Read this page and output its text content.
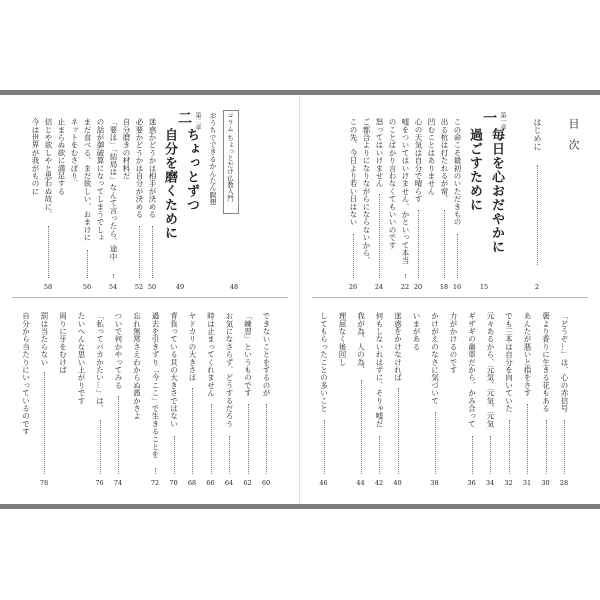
目次
はじめに
2
第一章
一
毎日を心おだやかに
過ごすために
15
この命こそ最初のいただきもの
16
出る杭は打たれるが常、
18
凹むことはありません
心の天気は自分で晴らす
20
嘘をついてはいけません、かといって本当
22
のことばかり言わなくてもいいのです
怒ってはいけません
24
ご都合よりになりながらにならないから、
この先、今日より若い日はない
26
「どうぞ…」は、心の赤信号
28
褒より香りに生きる花もある
30
あんたが悪いと指をさす
31
でも三本は自分を向いていた
32
元々あるから、元気、元気、元気
34
ギザギの歯車だから、かみ合って
36
力がかけるのです
かけがえのなさに気づいて
38
いまがある
迷惑をかけなければ
40
何もしないれはずに、そりゃ嘘だ
42
我が為、人の為、
44
理屈なく後回し
してもらったことの多いこと
46
コラム ちょっとだけ仏教入門
おうちでできるかんたん瞑想
48
第二章
二
ちょっとずつ
自分を磨くために
49
迷惑かどうかは相手が決める
50
必要かどうかは自分が決める
52
自分磨きの材料だ
「要は」「結局は」なんて言ったら、途中
54
の話が御破算になってしまうでしょ
まだ食べる、まだ欲しい、おまけに
56
ネットをむさぼり、
止まらぬ欲に満足する
信じや欲しやと思わぬ故に、
58
今は世界が我がものに
できないことをするのが
60
「練習」というものです
62
お気になさらず、どうするだろう
64
時は止まってくれません
66
ヤドカリの大きさは
68
背負っている貝の大きさではない
70
過去を引きずり「今ここ」で生きることを
72
忘れ無常さえわからぬ愚かさよ
ついで何かやってみる
74
「私ってバカかたい…」は、
76
たいへんな思い上がりです
周りに牙をむけば
罰は当たらない
78
自分から当たりにいっているのです
